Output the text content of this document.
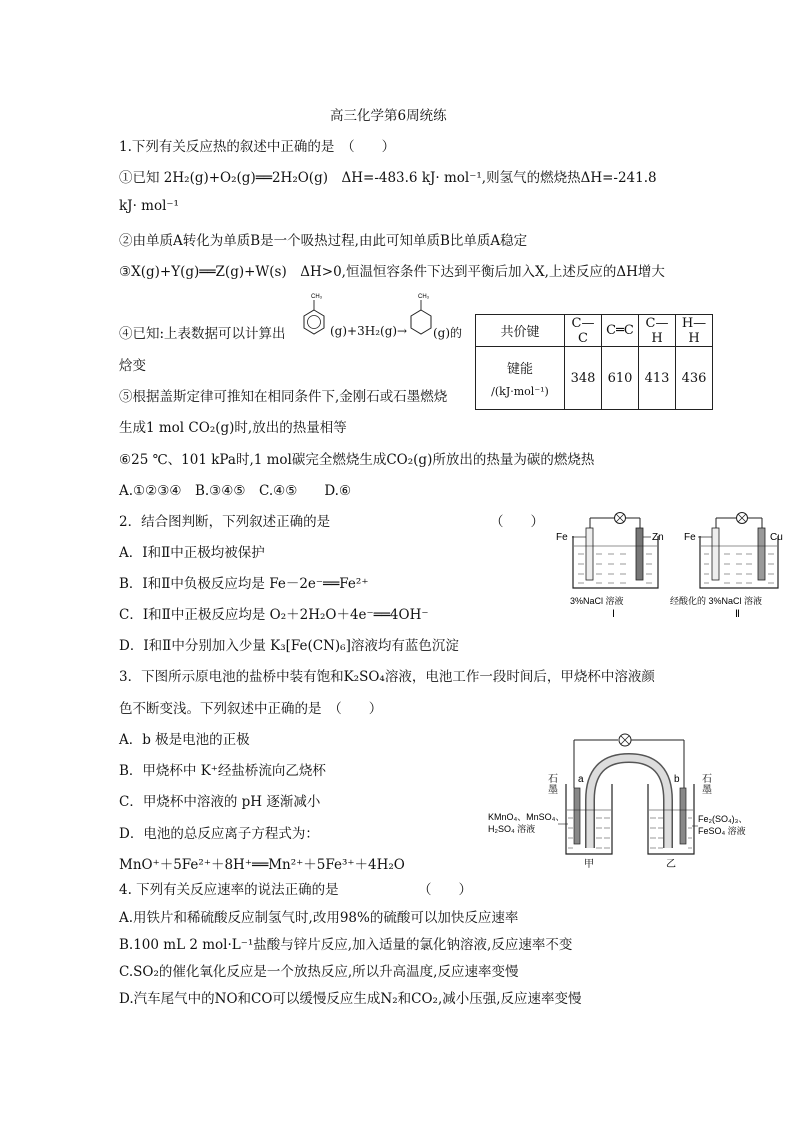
高三化学第6周统练
1.下列有关反应热的叙述中正确的是　（　　）
①已知 2H₂(g)+O₂(g)══2H₂O(g)　ΔH=-483.6 kJ· mol⁻¹,则氢气的燃烧热ΔH=-241.8
kJ· mol⁻¹
②由单质A转化为单质B是一个吸热过程,由此可知单质B比单质A稳定
③X(g)+Y(g)══Z(g)+W(s)　ΔH>0,恒温恒容条件下达到平衡后加入X,上述反应的ΔH增大
④已知:上表数据可以计算出
CH₃
(g)+3H₂(g)→
CH₃
(g)的
焓变
⑤根据盖斯定律可推知在相同条件下,金刚石或石墨燃烧
生成1 mol CO₂(g)时,放出的热量相等
⑥25 ℃、101 kPa时,1 mol碳完全燃烧生成CO₂(g)所放出的热量为碳的燃烧热
A.①②③④　B.③④⑤　C.④⑤　　D.⑥
共价键	C—C	C═C	C—H	H—H

键能
/(kJ·mol⁻¹)	348	610	413	436
2．结合图判断，下列叙述正确的是	（　　）
A．Ⅰ和Ⅱ中正极均被保护
B．Ⅰ和Ⅱ中负极反应均是 Fe－2e⁻══Fe²⁺
C．Ⅰ和Ⅱ中正极反应均是 O₂＋2H₂O＋4e⁻══4OH⁻
D．Ⅰ和Ⅱ中分别加入少量 K₃[Fe(CN)₆]溶液均有蓝色沉淀
Fe	Zn
3%NaCl 溶液
Ⅰ
Fe	Cu
经酸化的 3%NaCl 溶液
Ⅱ
3．下图所示原电池的盐桥中装有饱和K₂SO₄溶液，电池工作一段时间后，甲烧杯中溶液颜
色不断变浅。下列叙述中正确的是　（　　）
A．b 极是电池的正极
B．甲烧杯中 K⁺经盐桥流向乙烧杯
C．甲烧杯中溶液的 pH 逐渐减小
D．电池的总反应离子方程式为：
MnO⁺＋5Fe²⁺＋8H⁺══Mn²⁺＋5Fe³⁺＋4H₂O
石
墨
a	石
墨
b
KMnO₄、MnSO₄、
H₂SO₄ 溶液
Fe₂(SO₄)₃、
FeSO₄ 溶液
甲	乙
4. 下列有关反应速率的说法正确的是	（　　）
A.用铁片和稀硫酸反应制氢气时,改用98%的硫酸可以加快反应速率
B.100 mL 2 mol·L⁻¹盐酸与锌片反应,加入适量的氯化钠溶液,反应速率不变
C.SO₂的催化氧化反应是一个放热反应,所以升高温度,反应速率变慢
D.汽车尾气中的NO和CO可以缓慢反应生成N₂和CO₂,减小压强,反应速率变慢
